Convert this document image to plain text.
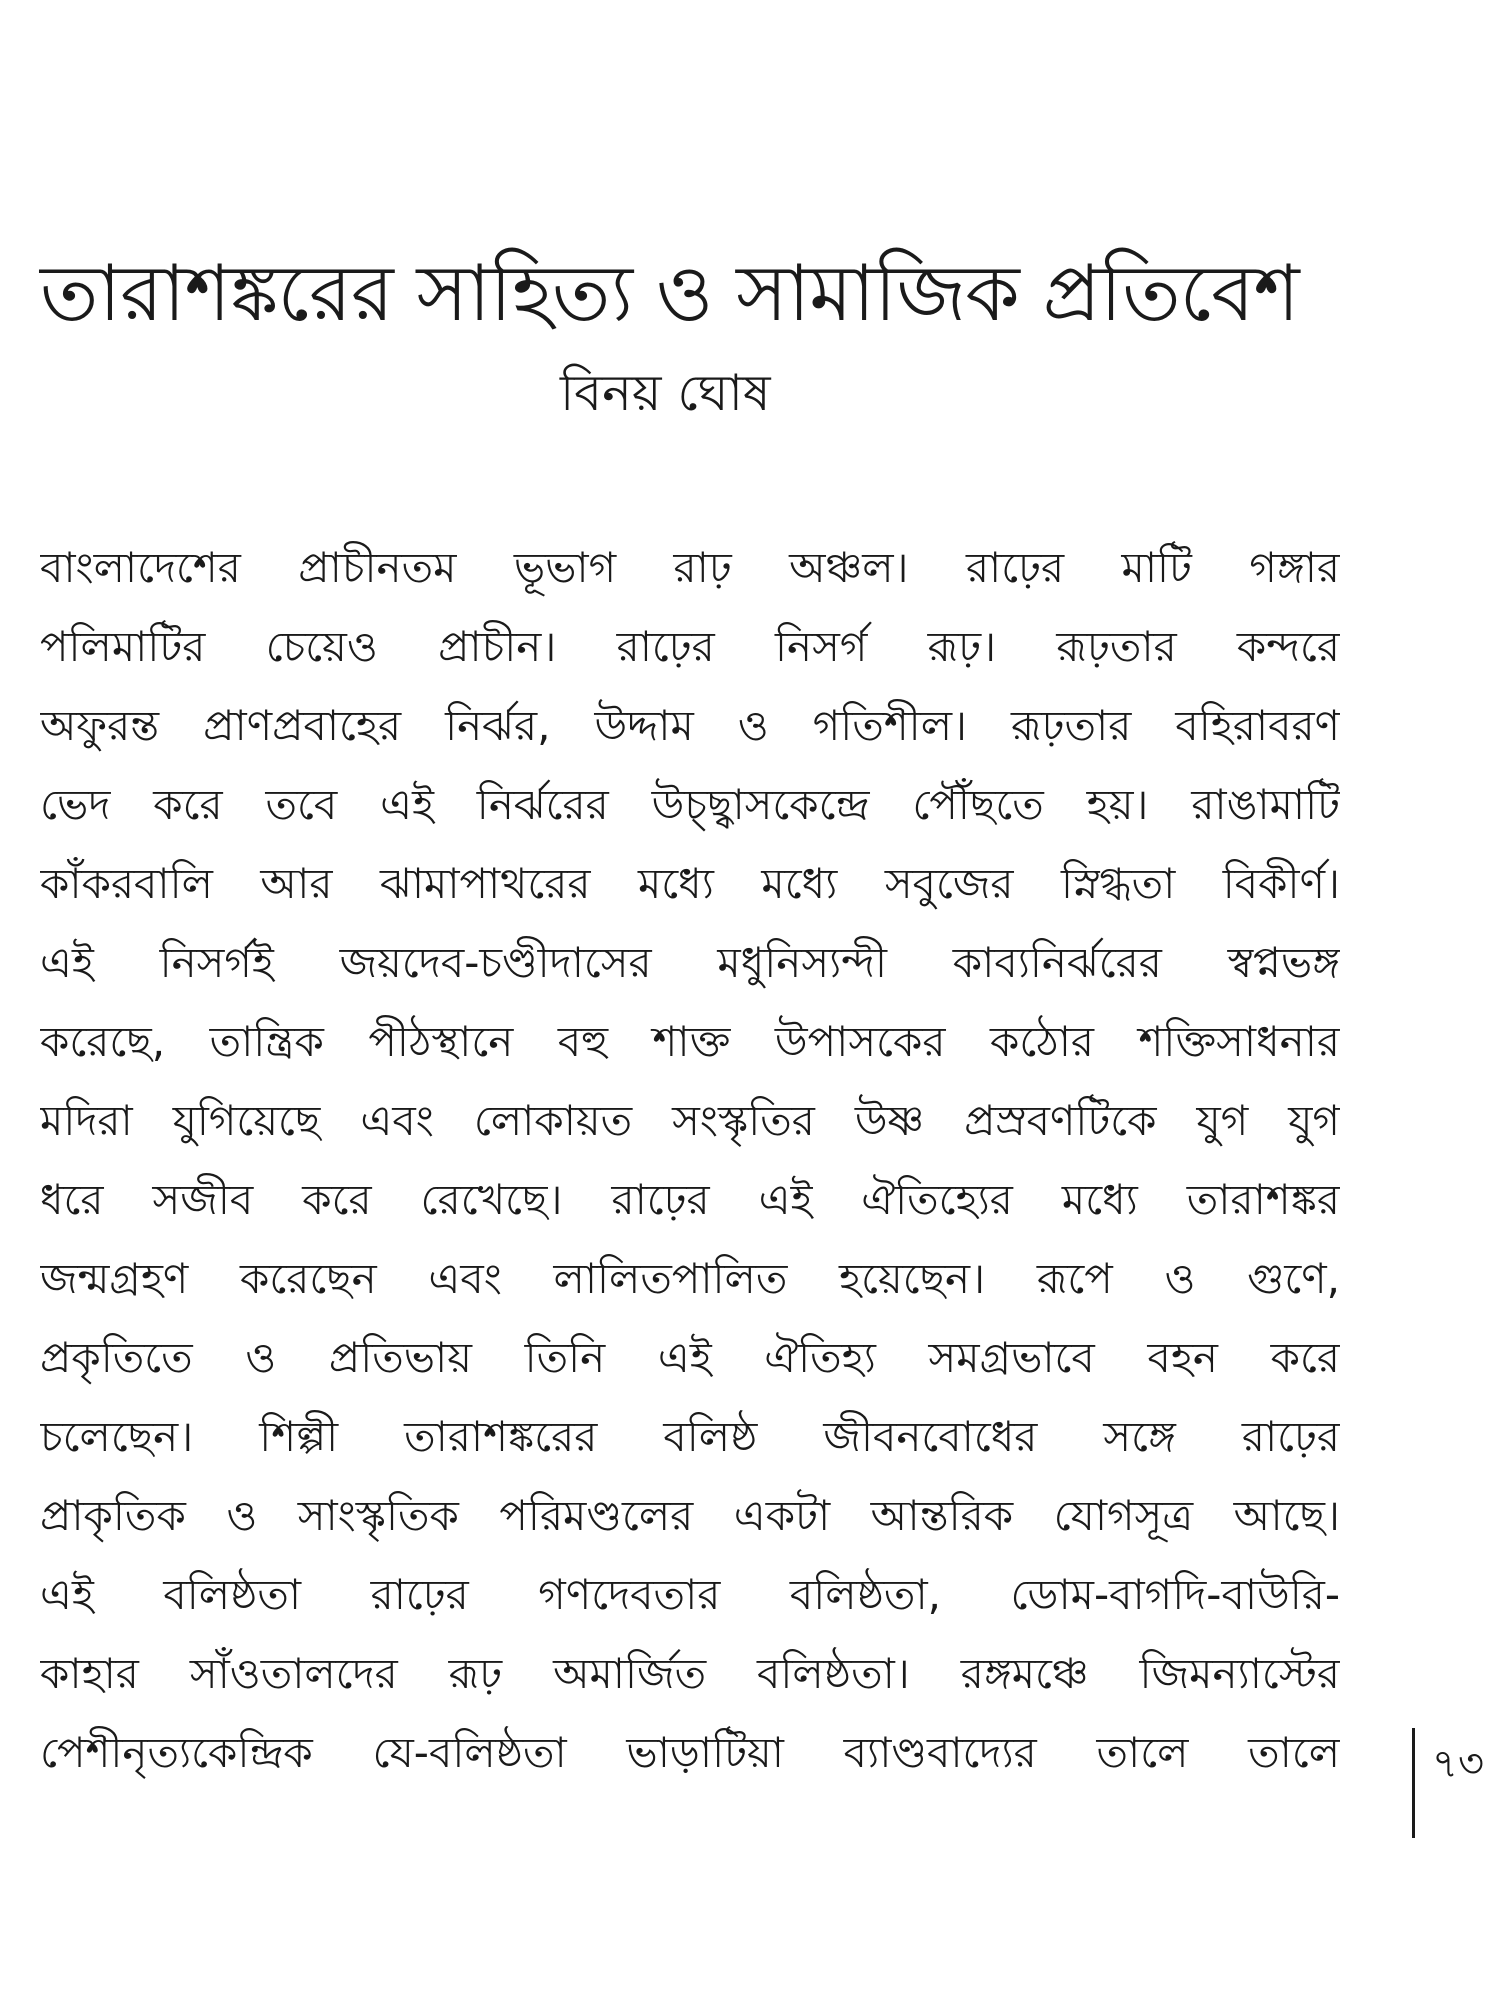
তারাশঙ্করের সাহিত্য ও সামাজিক প্রতিবেশ
বিনয় ঘোষ
বাংলাদেশের প্রাচীনতম ভূভাগ রাঢ় অঞ্চল। রাঢ়ের মাটি গঙ্গার
পলিমাটির চেয়েও প্রাচীন। রাঢ়ের নিসর্গ রূঢ়। রূঢ়তার কন্দরে
অফুরন্ত প্রাণপ্রবাহের নির্ঝর, উদ্দাম ও গতিশীল। রূঢ়তার বহিরাবরণ
ভেদ করে তবে এই নির্ঝরের উচ্ছ্বাসকেন্দ্রে পৌঁছতে হয়। রাঙামাটি
কাঁকরবালি আর ঝামাপাথরের মধ্যে মধ্যে সবুজের স্নিগ্ধতা বিকীর্ণ।
এই নিসর্গই জয়দেব-চণ্ডীদাসের মধুনিস্যন্দী কাব্যনির্ঝরের স্বপ্নভঙ্গ
করেছে, তান্ত্রিক পীঠস্থানে বহু শাক্ত উপাসকের কঠোর শক্তিসাধনার
মদিরা যুগিয়েছে এবং লোকায়ত সংস্কৃতির উষ্ণ প্রস্রবণটিকে যুগ যুগ
ধরে সজীব করে রেখেছে। রাঢ়ের এই ঐতিহ্যের মধ্যে তারাশঙ্কর
জন্মগ্রহণ করেছেন এবং লালিতপালিত হয়েছেন। রূপে ও গুণে,
প্রকৃতিতে ও প্রতিভায় তিনি এই ঐতিহ্য সমগ্রভাবে বহন করে
চলেছেন। শিল্পী তারাশঙ্করের বলিষ্ঠ জীবনবোধের সঙ্গে রাঢ়ের
প্রাকৃতিক ও সাংস্কৃতিক পরিমণ্ডলের একটা আন্তরিক যোগসূত্র আছে।
এই বলিষ্ঠতা রাঢ়ের গণদেবতার বলিষ্ঠতা, ডোম-বাগদি-বাউরি-
কাহার সাঁওতালদের রূঢ় অমার্জিত বলিষ্ঠতা। রঙ্গমঞ্চে জিমন্যাস্টের
পেশীনৃত্যকেন্দ্রিক যে-বলিষ্ঠতা ভাড়াটিয়া ব্যাণ্ডবাদ্যের তালে তালে ৭৩
